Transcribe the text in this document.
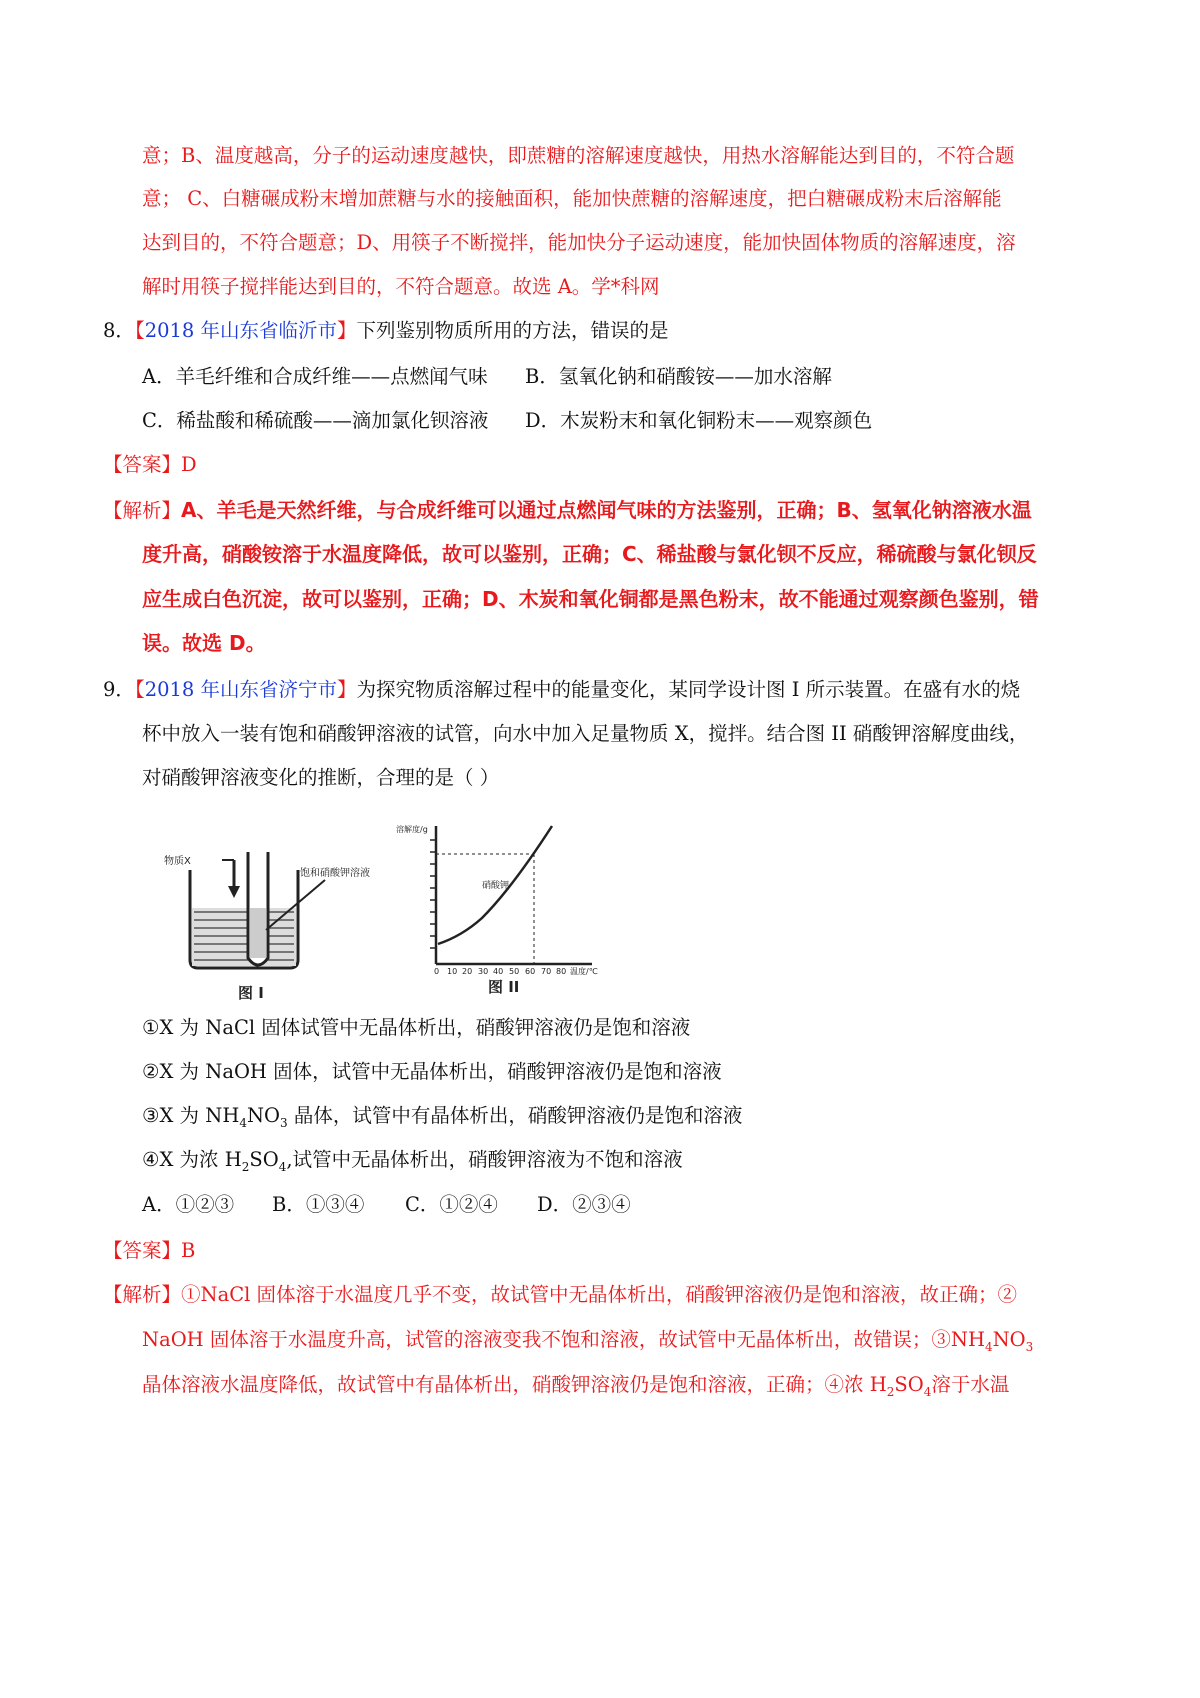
意；B、温度越高，分子的运动速度越快，即蔗糖的溶解速度越快，用热水溶解能达到目的，不符合题
意； C、白糖碾成粉末增加蔗糖与水的接触面积，能加快蔗糖的溶解速度，把白糖碾成粉末后溶解能
达到目的，不符合题意；D、用筷子不断搅拌，能加快分子运动速度，能加快固体物质的溶解速度，溶
解时用筷子搅拌能达到目的，不符合题意。故选 A。学*科网
8．【2018 年山东省临沂市】下列鉴别物质所用的方法，错误的是
A．羊毛纤维和合成纤维——点燃闻气味 B．氢氧化钠和硝酸铵——加水溶解
C．稀盐酸和稀硫酸——滴加氯化钡溶液 D．木炭粉末和氧化铜粉末——观察颜色
【答案】D
【解析】A、羊毛是天然纤维，与合成纤维可以通过点燃闻气味的方法鉴别，正确；B、氢氧化钠溶液水温
度升高，硝酸铵溶于水温度降低，故可以鉴别，正确；C、稀盐酸与氯化钡不反应，稀硫酸与氯化钡反
应生成白色沉淀，故可以鉴别，正确；D、木炭和氧化铜都是黑色粉末，故不能通过观察颜色鉴别，错
误。故选 D。
9．【2018 年山东省济宁市】为探究物质溶解过程中的能量变化，某同学设计图 I 所示装置。在盛有水的烧
杯中放入一装有饱和硝酸钾溶液的试管，向水中加入足量物质 X，搅拌。结合图 II 硝酸钾溶解度曲线，
对硝酸钾溶液变化的推断，合理的是（ ）
物质X
饱和硝酸钾溶液
图 I
溶解度/g
硝酸钾
0 10 20 30 40 50 60 70 80 温度/℃
图 II
①X 为 NaCl 固体试管中无晶体析出，硝酸钾溶液仍是饱和溶液
②X 为 NaOH 固体，试管中无晶体析出，硝酸钾溶液仍是饱和溶液
③X 为 $NH_4NO_3$ 晶体，试管中有晶体析出，硝酸钾溶液仍是饱和溶液
④X 为浓 $H_2SO_4$,试管中无晶体析出，硝酸钾溶液为不饱和溶液
A．①②③ B．①③④ C．①②④ D．②③④
【答案】B
【解析】①NaCl 固体溶于水温度几乎不变，故试管中无晶体析出，硝酸钾溶液仍是饱和溶液，故正确；②
NaOH 固体溶于水温度升高，试管的溶液变我不饱和溶液，故试管中无晶体析出，故错误；$③NH_4NO_3$
晶体溶液水温度降低，故试管中有晶体析出，硝酸钾溶液仍是饱和溶液，正确；④浓 $H_2SO_4$溶于水温
